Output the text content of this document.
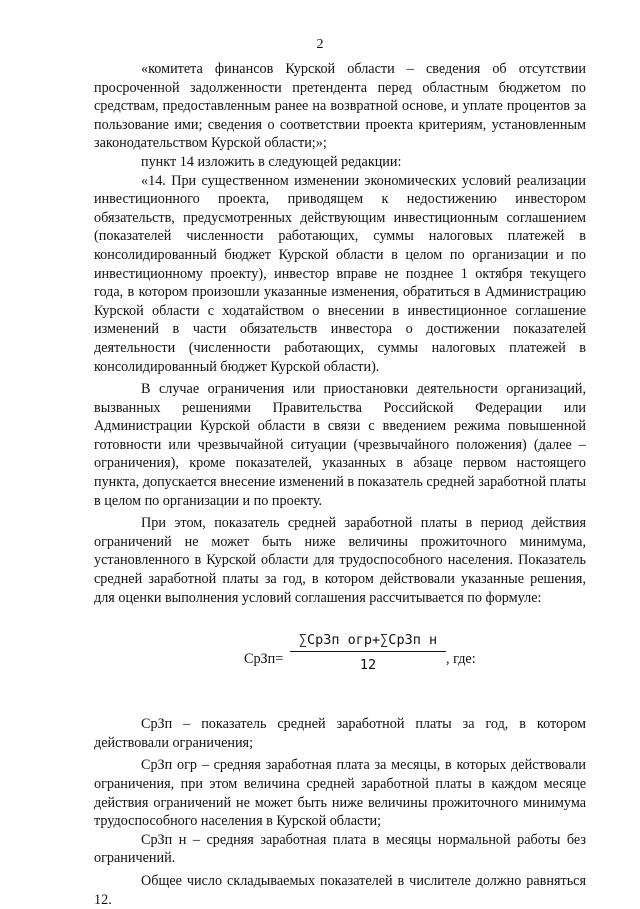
2

«комитета финансов Курской области – сведения об отсутствии просроченной задолженности претендента перед областным бюджетом по средствам, предоставленным ранее на возвратной основе, и уплате процентов за пользование ими; сведения о соответствии проекта критериям, установленным законодательством Курской области;»;

пункт 14 изложить в следующей редакции:

«14. При существенном изменении экономических условий реализации инвестиционного проекта, приводящем к недостижению инвестором обязательств, предусмотренных действующим инвестиционным соглашением (показателей численности работающих, суммы налоговых платежей в консолидированный бюджет Курской области в целом по организации и по инвестиционному проекту), инвестор вправе не позднее 1 октября текущего года, в котором произошли указанные изменения, обратиться в Администрацию Курской области с ходатайством о внесении в инвестиционное соглашение изменений в части обязательств инвестора о достижении показателей деятельности (численности работающих, суммы налоговых платежей в консолидированный бюджет Курской области).

В случае ограничения или приостановки деятельности организаций, вызванных решениями Правительства Российской Федерации или Администрации Курской области в связи с введением режима повышенной готовности или чрезвычайной ситуации (чрезвычайного положения) (далее – ограничения), кроме показателей, указанных в абзаце первом настоящего пункта, допускается внесение изменений в показатель средней заработной платы в целом по организации и по проекту.

При этом, показатель средней заработной платы в период действия ограничений не может быть ниже величины прожиточного минимума, установленного в Курской области для трудоспособного населения. Показатель средней заработной платы за год, в котором действовали указанные решения, для оценки выполнения условий соглашения рассчитывается по формуле:

СрЗп=
∑СрЗп огр+∑СрЗп н
12	, где:

СрЗп – показатель средней заработной платы за год, в котором действовали ограничения;

СрЗп огр – средняя заработная плата за месяцы, в которых действовали ограничения, при этом величина средней заработной платы в каждом месяце действия ограничений не может быть ниже величины прожиточного минимума трудоспособного населения в Курской области;

СрЗп н – средняя заработная плата в месяцы нормальной работы без ограничений.

Общее число складываемых показателей в числителе должно равняться 12.
